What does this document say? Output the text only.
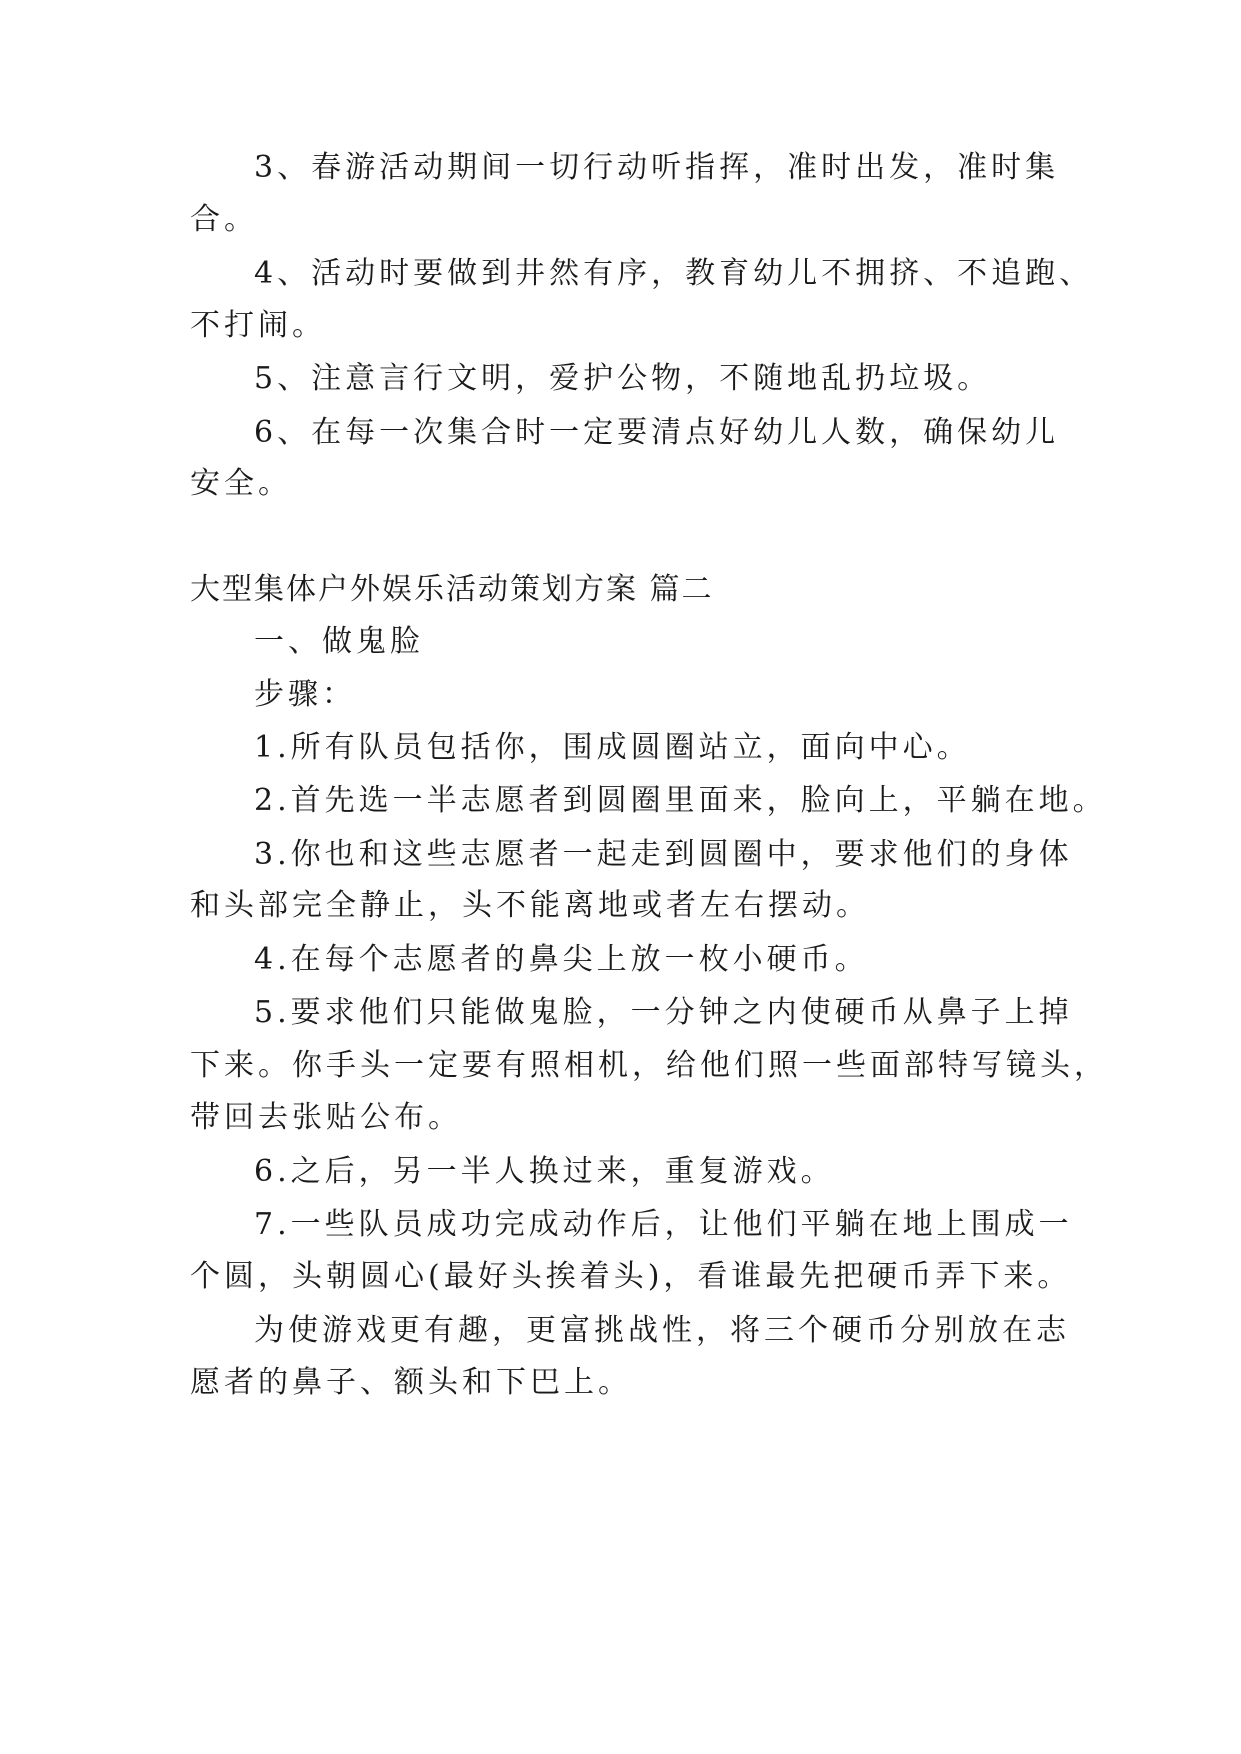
3、春游活动期间一切行动听指挥，准时出发，准时集
合。
4、活动时要做到井然有序，教育幼儿不拥挤、不追跑、
不打闹。
5、注意言行文明，爱护公物，不随地乱扔垃圾。
6、在每一次集合时一定要清点好幼儿人数，确保幼儿
安全。
大型集体户外娱乐活动策划方案 篇二
一、做鬼脸
步骤：
1.所有队员包括你，围成圆圈站立，面向中心。
2.首先选一半志愿者到圆圈里面来，脸向上，平躺在地。
3.你也和这些志愿者一起走到圆圈中，要求他们的身体
和头部完全静止，头不能离地或者左右摆动。
4.在每个志愿者的鼻尖上放一枚小硬币。
5.要求他们只能做鬼脸，一分钟之内使硬币从鼻子上掉
下来。你手头一定要有照相机，给他们照一些面部特写镜头，
带回去张贴公布。
6.之后，另一半人换过来，重复游戏。
7.一些队员成功完成动作后，让他们平躺在地上围成一
个圆，头朝圆心(最好头挨着头)，看谁最先把硬币弄下来。
为使游戏更有趣，更富挑战性，将三个硬币分别放在志
愿者的鼻子、额头和下巴上。
